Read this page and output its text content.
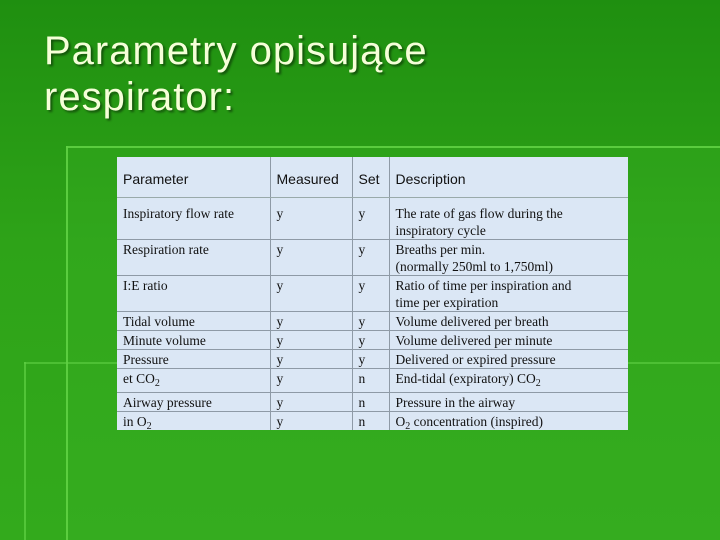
Parametry opisujące
respirator:
Parameter	Measured	Set	Description

Inspiratory flow rate	y	y	The rate of gas flow during the
inspiratory cycle

Respiration rate	y	y	Breaths per min.
(normally 250ml to 1,750ml)

I:E ratio	y	y	Ratio of time per inspiration and
time per expiration

Tidal volume	y	y	Volume delivered per breath
Minute volume	y	y	Volume delivered per minute
Pressure	y	y	Delivered or expired pressure
et $CO_2$	y	n	End-tidal (expiratory) $CO_2$
Airway pressure	y	n	Pressure in the airway
in $O_2$	y	n	$O_2$ concentration (inspired)
